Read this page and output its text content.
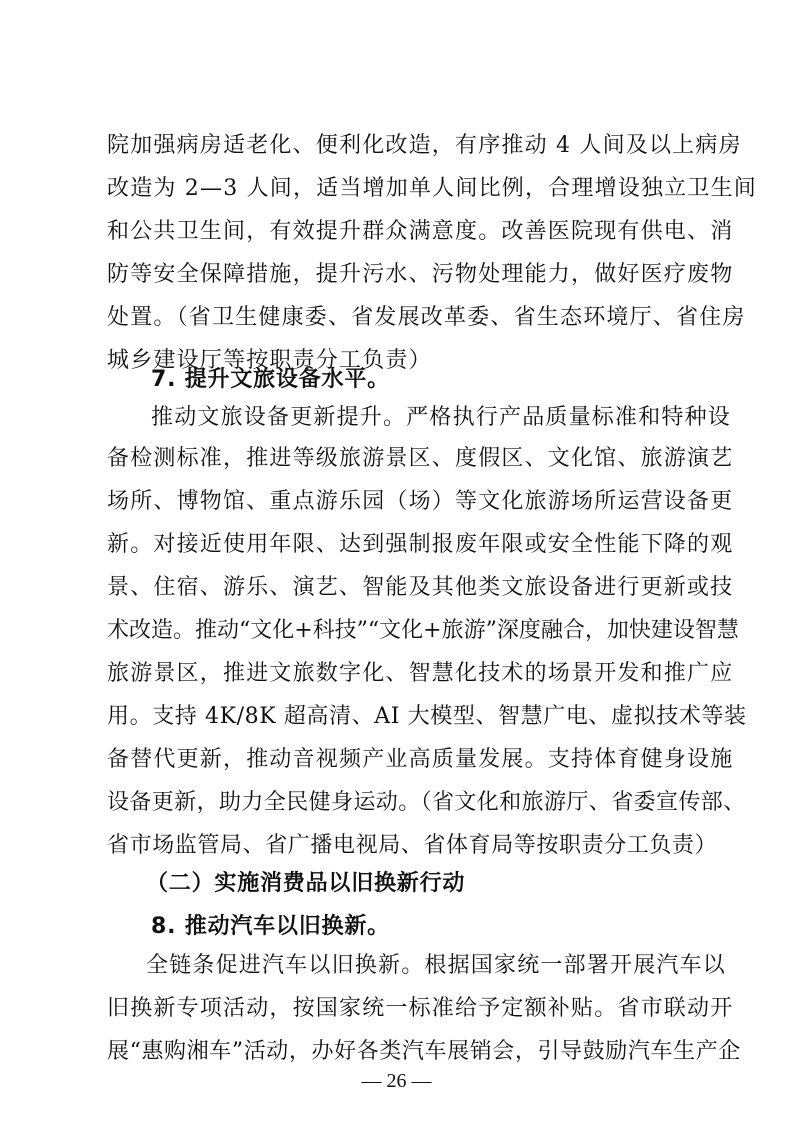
院加强病房适老化、便利化改造，有序推动 4 人间及以上病房
改造为 2—3 人间，适当增加单人间比例，合理增设独立卫生间
和公共卫生间，有效提升群众满意度。改善医院现有供电、消
防等安全保障措施，提升污水、污物处理能力，做好医疗废物
处置。（省卫生健康委、省发展改革委、省生态环境厅、省住房
城乡建设厅等按职责分工负责）
7. 提升文旅设备水平。
推动文旅设备更新提升。严格执行产品质量标准和特种设
备检测标准，推进等级旅游景区、度假区、文化馆、旅游演艺
场所、博物馆、重点游乐园（场）等文化旅游场所运营设备更
新。对接近使用年限、达到强制报废年限或安全性能下降的观
景、住宿、游乐、演艺、智能及其他类文旅设备进行更新或技
术改造。推动“文化+科技”“文化+旅游”深度融合，加快建设智慧
旅游景区，推进文旅数字化、智慧化技术的场景开发和推广应
用。支持 4K/8K 超高清、AI 大模型、智慧广电、虚拟技术等装
备替代更新，推动音视频产业高质量发展。支持体育健身设施
设备更新，助力全民健身运动。（省文化和旅游厅、省委宣传部、
省市场监管局、省广播电视局、省体育局等按职责分工负责）
（二）实施消费品以旧换新行动
8. 推动汽车以旧换新。
全链条促进汽车以旧换新。根据国家统一部署开展汽车以
旧换新专项活动，按国家统一标准给予定额补贴。省市联动开
展“惠购湘车”活动，办好各类汽车展销会，引导鼓励汽车生产企
— 26 —
